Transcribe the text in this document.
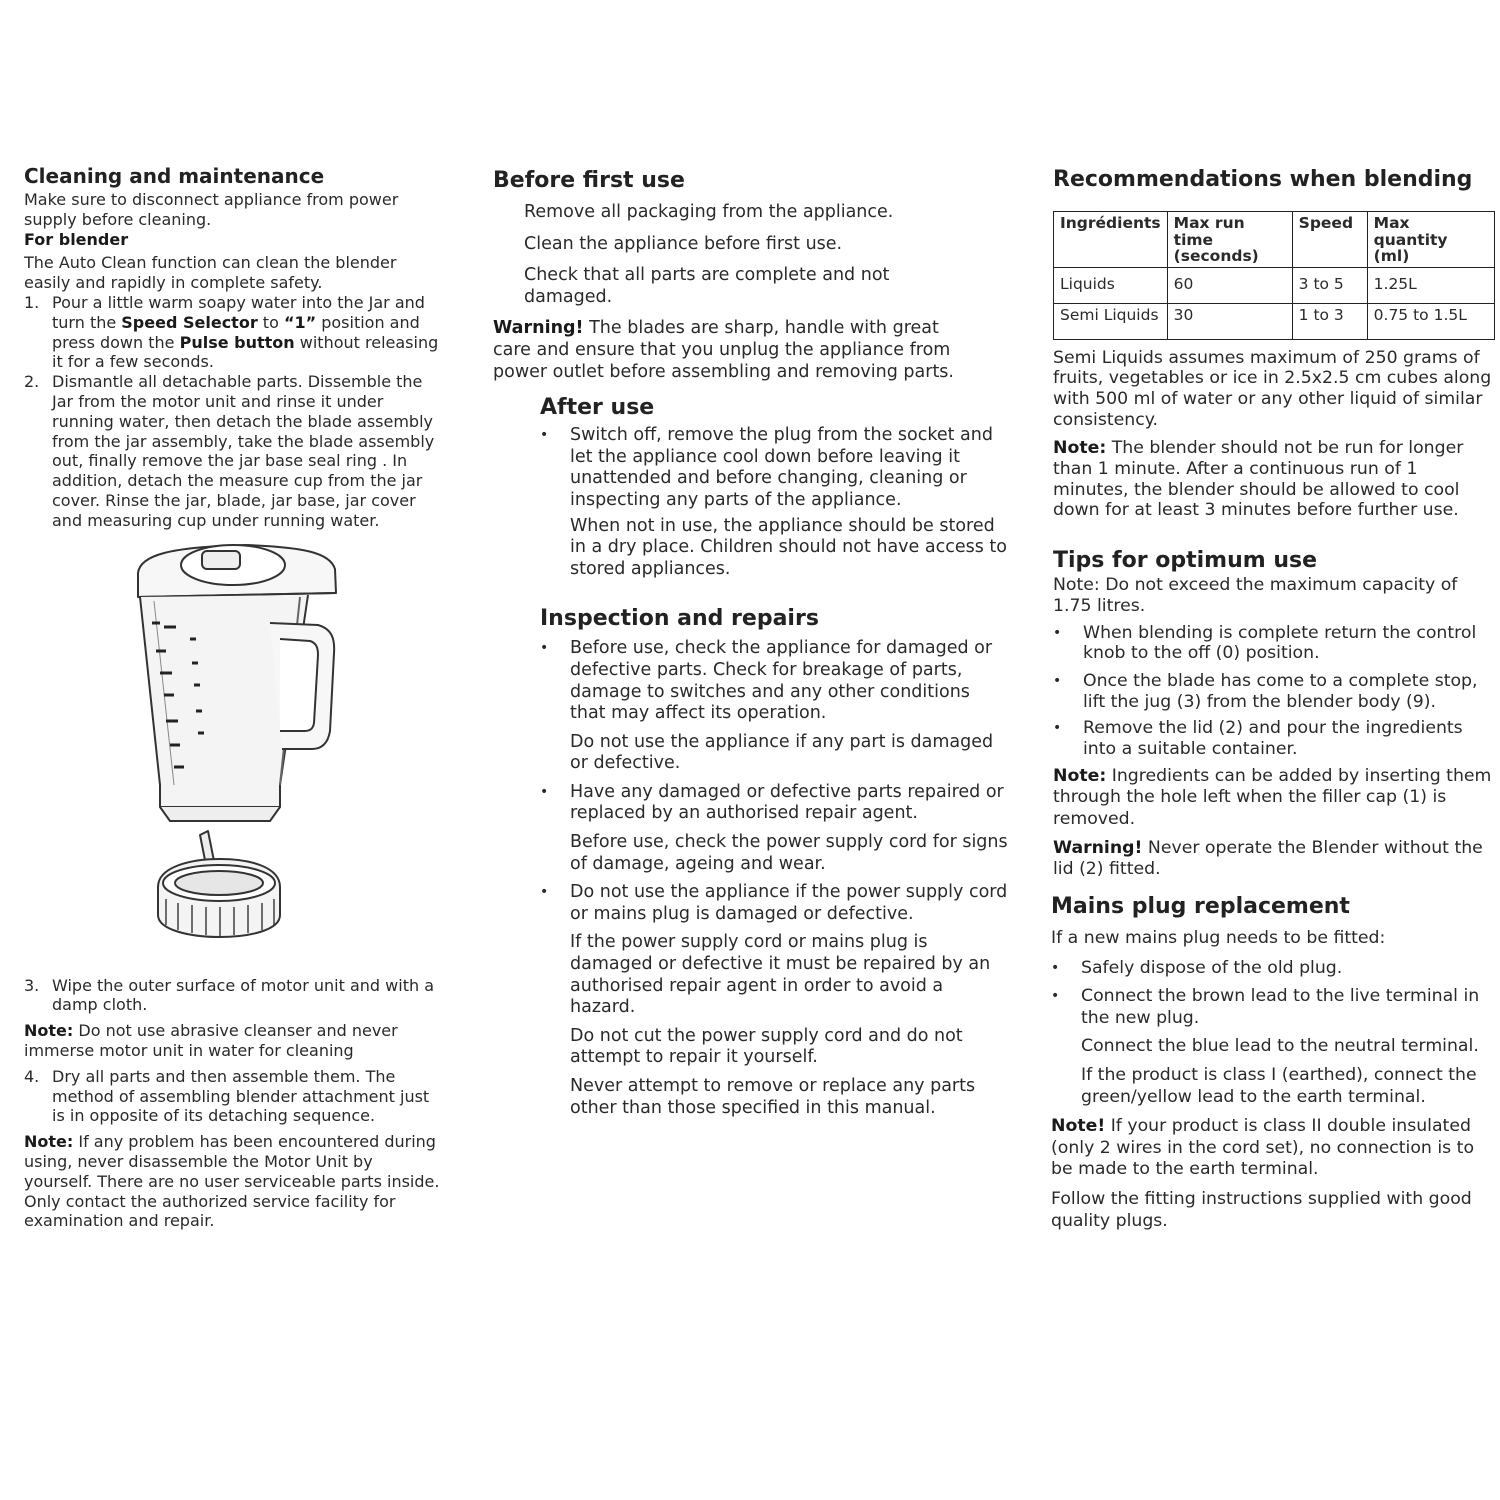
Cleaning and maintenance

Make sure to disconnect appliance from power supply before cleaning.

For blender

The Auto Clean function can clean the blender easily and rapidly in complete safety.

1. Pour a little warm soapy water into the Jar and turn the Speed Selector to “1” position and press down the Pulse button without releasing it for a few seconds.
2. Dismantle all detachable parts. Dissemble the Jar from the motor unit and rinse it under running water, then detach the blade assembly from the jar assembly, take the blade assembly out, finally remove the jar base seal ring . In addition, detach the measure cup from the jar cover. Rinse the jar, blade, jar base, jar cover and measuring cup under running water.
3. Wipe the outer surface of motor unit and with a damp cloth.

Note: Do not use abrasive cleanser and never immerse motor unit in water for cleaning

4. Dry all parts and then assemble them. The method of assembling blender attachment just is in opposite of its detaching sequence.

Note: If any problem has been encountered during using, never disassemble the Motor Unit by yourself. There are no user serviceable parts inside. Only contact the authorized service facility for examination and repair.

Before first use

Remove all packaging from the appliance.

Clean the appliance before first use.

Check that all parts are complete and not damaged.

Warning! The blades are sharp, handle with great care and ensure that you unplug the appliance from power outlet before assembling and removing parts.

After use
• Switch off, remove the plug from the socket and let the appliance cool down before leaving it unattended and before changing, cleaning or inspecting any parts of the appliance.

When not in use, the appliance should be stored in a dry place. Children should not have access to stored appliances.

Inspection and repairs
• Before use, check the appliance for damaged or defective parts. Check for breakage of parts, damage to switches and any other conditions that may affect its operation.

Do not use the appliance if any part is damaged or defective.

• Have any damaged or defective parts repaired or replaced by an authorised repair agent.

Before use, check the power supply cord for signs of damage, ageing and wear.

• Do not use the appliance if the power supply cord or mains plug is damaged or defective.

If the power supply cord or mains plug is damaged or defective it must be repaired by an authorised repair agent in order to avoid a hazard.

Do not cut the power supply cord and do not attempt to repair it yourself.

Never attempt to remove or replace any parts other than those specified in this manual.

Recommendations when blending
Ingrédients	Max run time (seconds)	Speed	Max quantity (ml)
Liquids	60	3 to 5	1.25L
Semi Liquids	30	1 to 3	0.75 to 1.5L

Semi Liquids assumes maximum of 250 grams of fruits, vegetables or ice in 2.5x2.5 cm cubes along with 500 ml of water or any other liquid of similar consistency.

Note: The blender should not be run for longer than 1 minute. After a continuous run of 1 minutes, the blender should be allowed to cool down for at least 3 minutes before further use.

Tips for optimum use

Note: Do not exceed the maximum capacity of 1.75 litres.

• When blending is complete return the control knob to the off (0) position.
• Once the blade has come to a complete stop, lift the jug (3) from the blender body (9).
• Remove the lid (2) and pour the ingredients into a suitable container.

Note: Ingredients can be added by inserting them through the hole left when the filler cap (1) is removed.

Warning! Never operate the Blender without the lid (2) fitted.

Mains plug replacement

If a new mains plug needs to be fitted:

• Safely dispose of the old plug.
• Connect the brown lead to the live terminal in the new plug.

Connect the blue lead to the neutral terminal.

If the product is class I (earthed), connect the green/yellow lead to the earth terminal.

Note! If your product is class II double insulated (only 2 wires in the cord set), no connection is to be made to the earth terminal.

Follow the fitting instructions supplied with good quality plugs.
